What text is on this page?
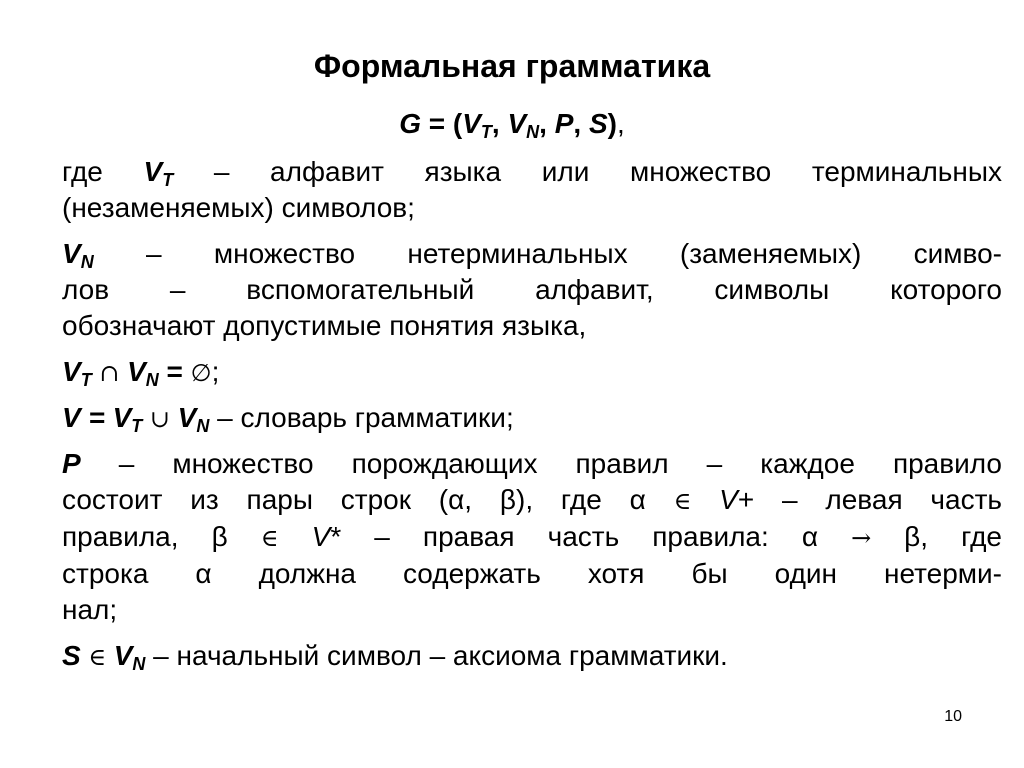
Формальная грамматика
$G = (V_T$, $V_N$, P, S),
где $V_T$ – алфавит языка или множество терминальных
(незаменяемых) символов;
$V_N$ – множество нетерминальных (заменяемых) симво-
лов – вспомогательный алфавит, символы которого
обозначают допустимые понятия языка,
$V_T$ ∩ $V_N$ = ∅;
$V = V_T$ ∪ $V_N$ – словарь грамматики;
P – множество порождающих правил – каждое правило
состоит из пары строк (α, β), где α ∈ V+ – левая часть
правила, β ∈ V* – правая часть правила: α → β, где
строка α должна содержать хотя бы один нетерми-
нал;
S ∈ $V_N$ – начальный символ – аксиома грамматики.
10
